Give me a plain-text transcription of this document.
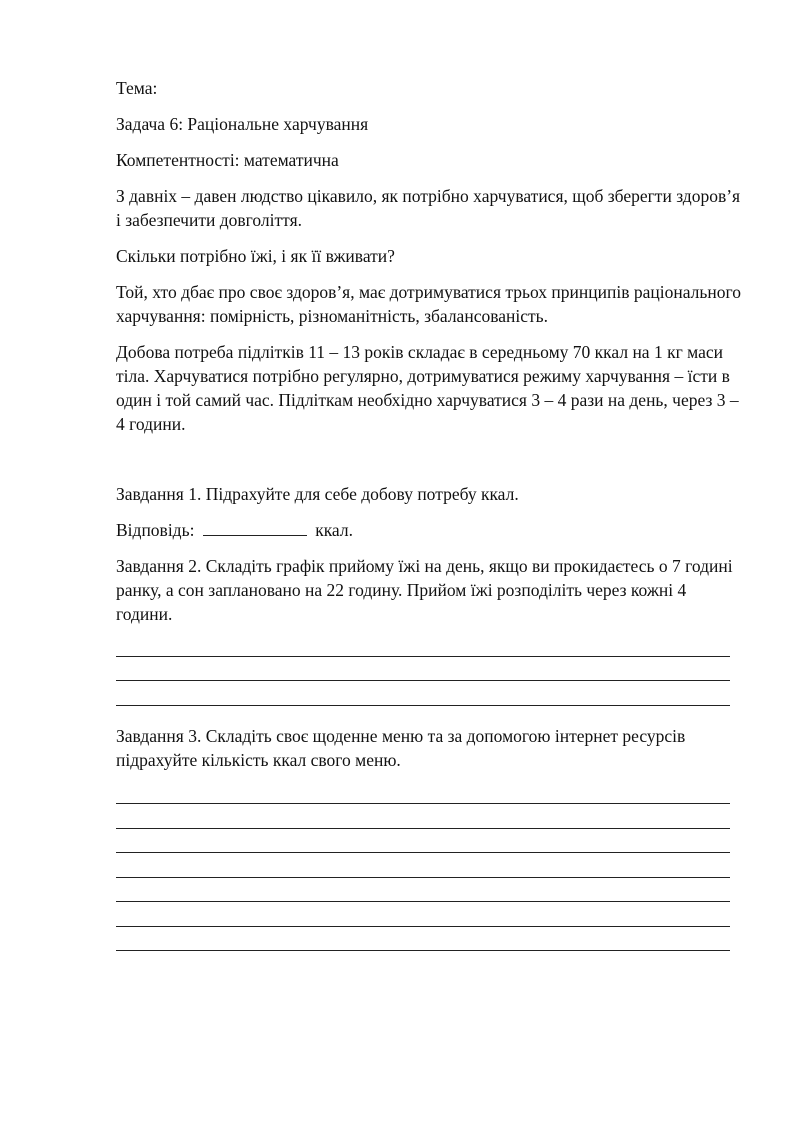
Тема:

Задача 6: Раціональне харчування

Компетентності: математична

З давніх – давен людство цікавило, як потрібно харчуватися, щоб зберегти здоров’я і забезпечити довголіття.

Скільки потрібно їжі, і як її вживати?

Той, хто дбає про своє здоров’я, має дотримуватися трьох принципів раціонального харчування: помірність, різноманітність, збалансованість.

Добова потреба підлітків 11 – 13 років складає в середньому 70 ккал на 1 кг маси тіла. Харчуватися потрібно регулярно, дотримуватися режиму харчування – їсти в один і той самий час. Підліткам необхідно харчуватися 3 – 4 рази на день, через 3 – 4 години.

Завдання 1. Підрахуйте для себе добову потребу ккал.

Відповідь:	ккал.

Завдання 2. Складіть графік прийому їжі на день, якщо ви прокидаєтесь о 7 годині ранку, а сон заплановано на 22 годину. Прийом їжі розподіліть через кожні 4 години.

Завдання 3. Складіть своє щоденне меню та за допомогою інтернет ресурсів підрахуйте кількість ккал свого меню.
